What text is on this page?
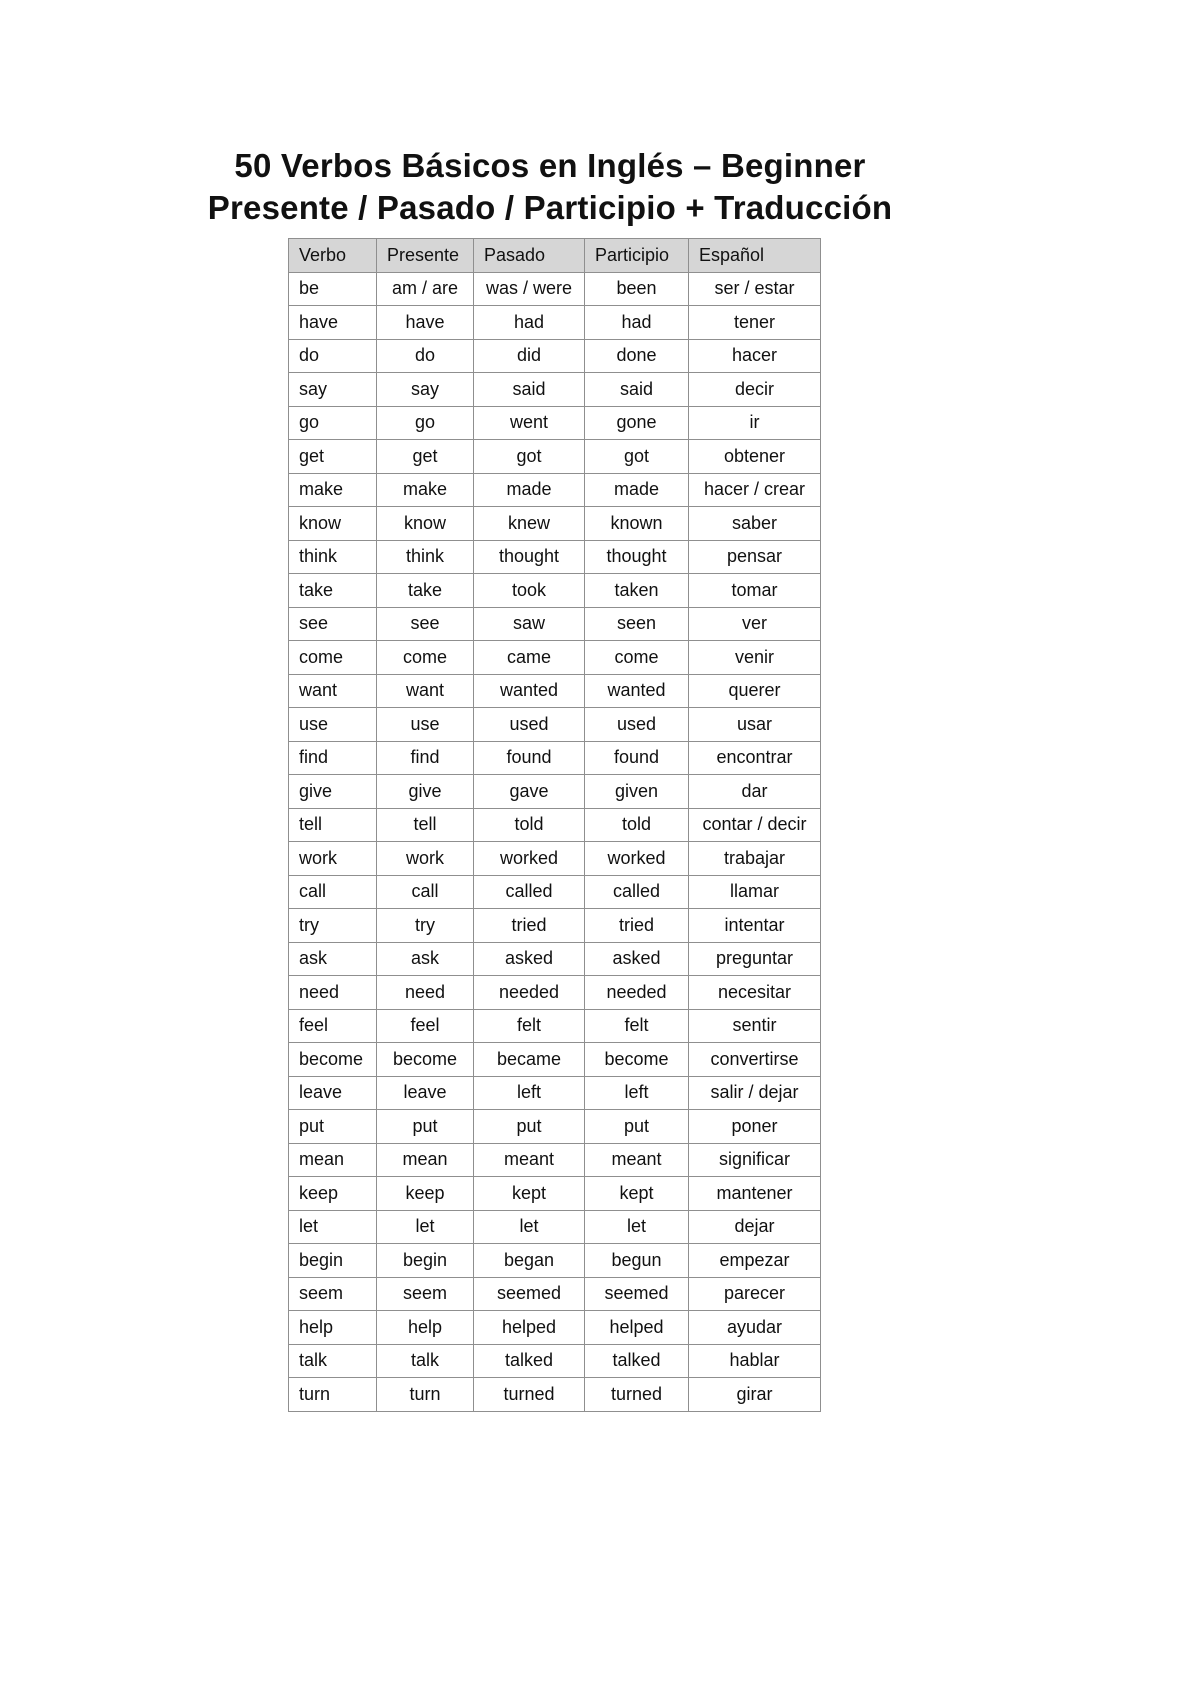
50 Verbos Básicos en Inglés – Beginner
Presente / Pasado / Participio + Traducción
Verbo	Presente	Pasado	Participio	Español
be	am / are	was / were	been	ser / estar
have	have	had	had	tener
do	do	did	done	hacer
say	say	said	said	decir
go	go	went	gone	ir
get	get	got	got	obtener
make	make	made	made	hacer / crear
know	know	knew	known	saber
think	think	thought	thought	pensar
take	take	took	taken	tomar
see	see	saw	seen	ver
come	come	came	come	venir
want	want	wanted	wanted	querer
use	use	used	used	usar
find	find	found	found	encontrar
give	give	gave	given	dar
tell	tell	told	told	contar / decir
work	work	worked	worked	trabajar
call	call	called	called	llamar
try	try	tried	tried	intentar
ask	ask	asked	asked	preguntar
need	need	needed	needed	necesitar
feel	feel	felt	felt	sentir
become	become	became	become	convertirse
leave	leave	left	left	salir / dejar
put	put	put	put	poner
mean	mean	meant	meant	significar
keep	keep	kept	kept	mantener
let	let	let	let	dejar
begin	begin	began	begun	empezar
seem	seem	seemed	seemed	parecer
help	help	helped	helped	ayudar
talk	talk	talked	talked	hablar
turn	turn	turned	turned	girar
